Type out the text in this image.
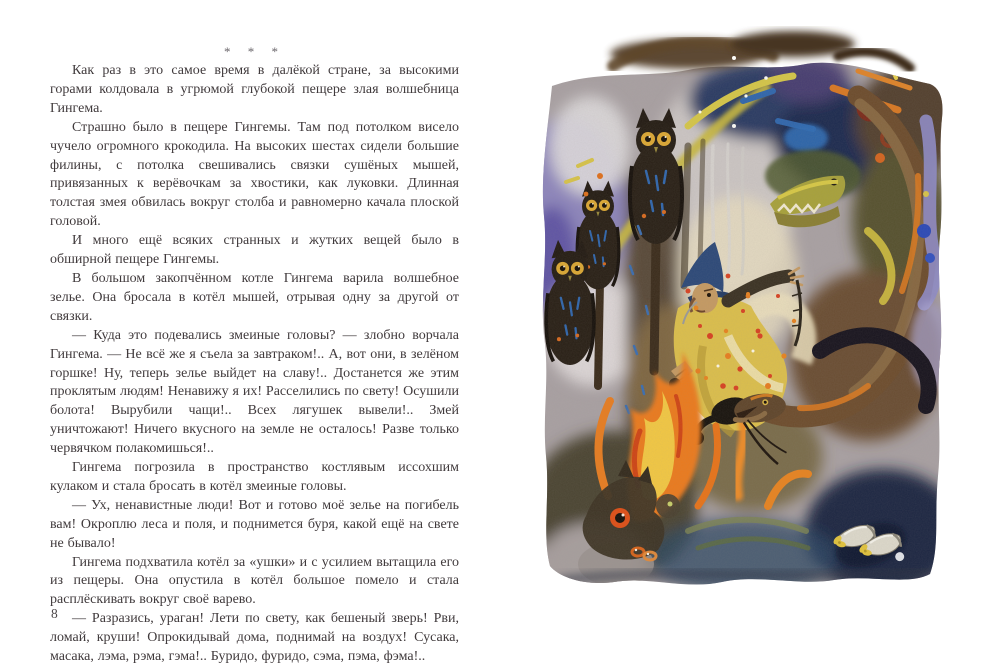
* * *

Как раз в это самое время в далёкой стране, за высокими горами колдовала в угрюмой глубокой пещере злая волшебница Гингема.

Страшно было в пещере Гингемы. Там под потолком висело чучело огромного крокодила. На высоких шестах сидели большие филины, с потолка свешивались связки сушёных мышей, привязанных к верёвочкам за хвостики, как луковки. Длинная толстая змея обвилась вокруг столба и равномерно качала плоской головой.

И много ещё всяких странных и жутких вещей было в обширной пещере Гингемы.

В большом закопчённом котле Гингема варила волшебное зелье. Она бросала в котёл мышей, отрывая одну за другой от связки.

— Куда это подевались змеиные головы? — злобно ворчала Гингема. — Не всё же я съела за завтраком!.. А, вот они, в зелёном горшке! Ну, теперь зелье выйдет на славу!.. Достанется же этим проклятым людям! Ненавижу я их! Расселились по свету! Осушили болота! Вырубили чащи!.. Всех лягушек вывели!.. Змей уничтожают! Ничего вкусного на земле не осталось! Разве только червячком полакомишься!..

Гингема погрозила в пространство костлявым иссохшим кулаком и стала бросать в котёл змеиные головы.

— Ух, ненавистные люди! Вот и готово моё зелье на погибель вам! Окроплю леса и поля, и поднимется буря, какой ещё на свете не бывало!

Гингема подхватила котёл за «ушки» и с усилием вытащила его из пещеры. Она опустила в котёл большое помело и стала расплёскивать вокруг своё варево.

— Разразись, ураган! Лети по свету, как бешеный зверь! Рви, ломай, круши! Опрокидывай дома, поднимай на воздух! Сусака, масака, лэма, рэма, гэма!.. Буридо, фуридо, сэма, пэма, фэма!..

8
